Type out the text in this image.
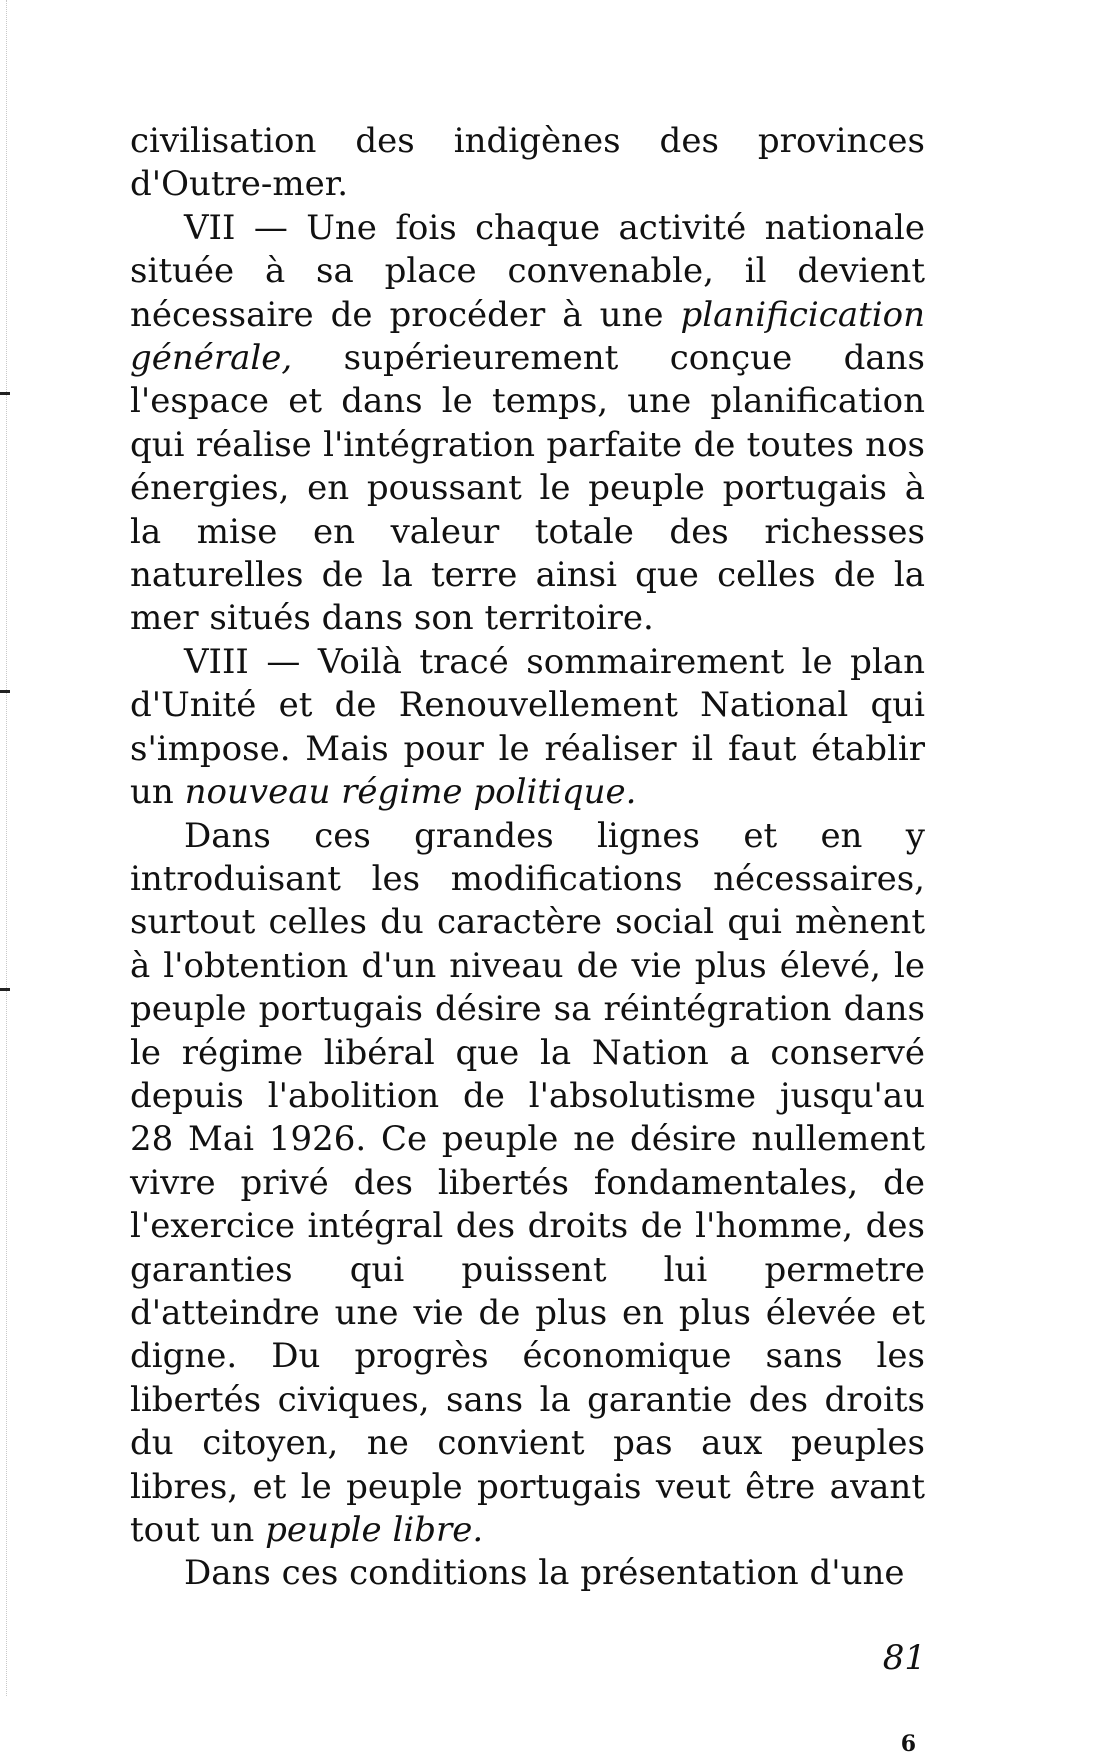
civilisation des indigènes des provinces d'Outre-mer.

VII — Une fois chaque activité nationale située à sa place convenable, il devient nécessaire de procéder à une planificication générale, supérieurement conçue dans l'espace et dans le temps, une planification qui réalise l'intégration parfaite de toutes nos énergies, en poussant le peuple portugais à la mise en valeur totale des richesses naturelles de la terre ainsi que celles de la mer situés dans son territoire.

VIII — Voilà tracé sommairement le plan d'Unité et de Renouvellement National qui s'impose. Mais pour le réaliser il faut établir un nouveau régime politique.

Dans ces grandes lignes et en y introduisant les modifications nécessaires, surtout celles du caractère social qui mènent à l'obtention d'un niveau de vie plus élevé, le peuple portugais désire sa réintégration dans le régime libéral que la Nation a conservé depuis l'abolition de l'absolutisme jusqu'au 28 Mai 1926. Ce peuple ne désire nullement vivre privé des libertés fondamentales, de l'exercice intégral des droits de l'homme, des garanties qui puissent lui permetre d'atteindre une vie de plus en plus élevée et digne. Du progrès économique sans les libertés civiques, sans la garantie des droits du citoyen, ne convient pas aux peuples libres, et le peuple portugais veut être avant tout un peuple libre.

Dans ces conditions la présentation d'une

81
6
